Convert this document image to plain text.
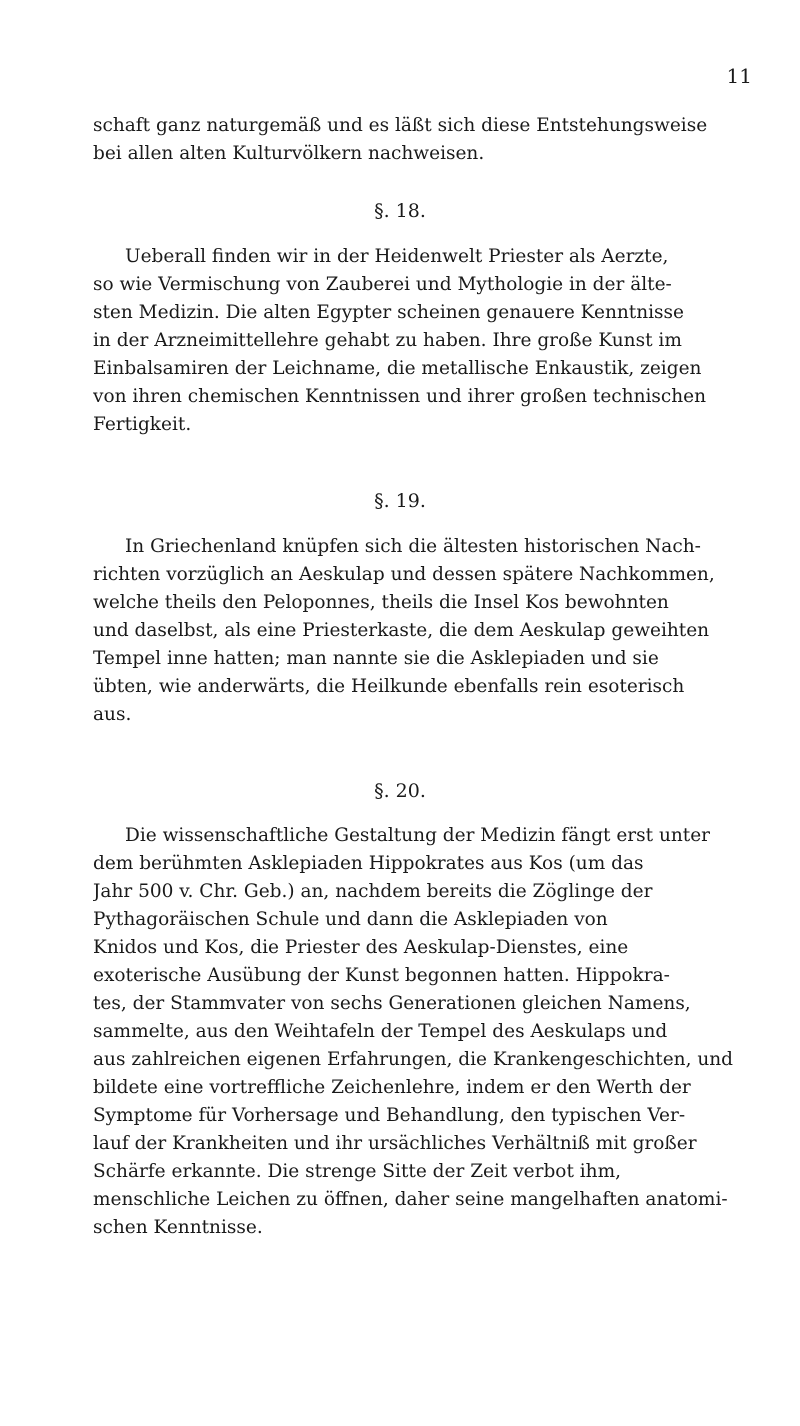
11
schaft ganz naturgemäß und es läßt sich diese Entstehungsweise
bei allen alten Kulturvölkern nachweisen.
§. 18.
Ueberall finden wir in der Heidenwelt Priester als Aerzte,
so wie Vermischung von Zauberei und Mythologie in der älte-
sten Medizin. Die alten Egypter scheinen genauere Kenntnisse
in der Arzneimittellehre gehabt zu haben. Ihre große Kunst im
Einbalsamiren der Leichname, die metallische Enkaustik, zeigen
von ihren chemischen Kenntnissen und ihrer großen technischen
Fertigkeit.
§. 19.
In Griechenland knüpfen sich die ältesten historischen Nach-
richten vorzüglich an Aeskulap und dessen spätere Nachkommen,
welche theils den Peloponnes, theils die Insel Kos bewohnten
und daselbst, als eine Priesterkaste, die dem Aeskulap geweihten
Tempel inne hatten; man nannte sie die Asklepiaden und sie
übten, wie anderwärts, die Heilkunde ebenfalls rein esoterisch
aus.
§. 20.
Die wissenschaftliche Gestaltung der Medizin fängt erst unter
dem berühmten Asklepiaden Hippokrates aus Kos (um das
Jahr 500 v. Chr. Geb.) an, nachdem bereits die Zöglinge der
Pythagoräischen Schule und dann die Asklepiaden von
Knidos und Kos, die Priester des Aeskulap-Dienstes, eine
exoterische Ausübung der Kunst begonnen hatten. Hippokra-
tes, der Stammvater von sechs Generationen gleichen Namens,
sammelte, aus den Weihtafeln der Tempel des Aeskulaps und
aus zahlreichen eigenen Erfahrungen, die Krankengeschichten, und
bildete eine vortreffliche Zeichenlehre, indem er den Werth der
Symptome für Vorhersage und Behandlung, den typischen Ver-
lauf der Krankheiten und ihr ursächliches Verhältniß mit großer
Schärfe erkannte. Die strenge Sitte der Zeit verbot ihm,
menschliche Leichen zu öffnen, daher seine mangelhaften anatomi-
schen Kenntnisse.
